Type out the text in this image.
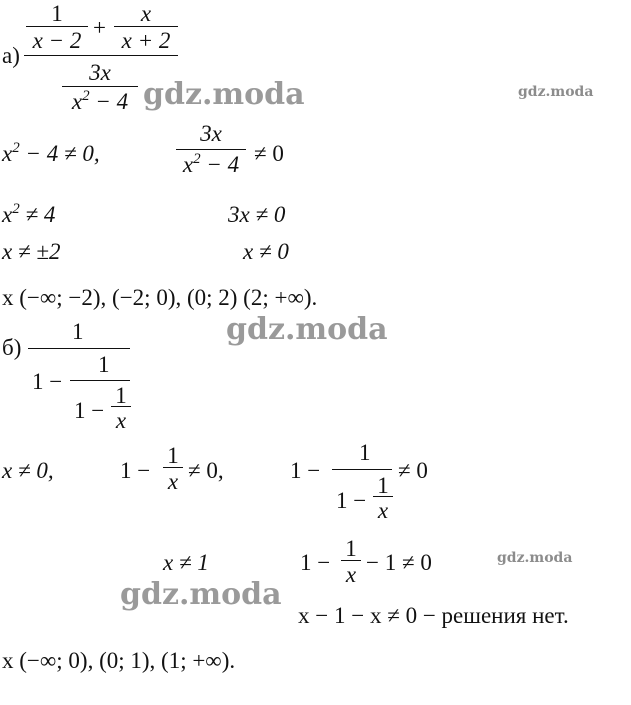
а)
1
x − 2
+
x
x + 2
3x
$x^2 - 4$
$x^2 - 4 \ne 0$,
3x
$x^2 - 4 \ne 0$
$x^2 \ne 4$	3x ≠ 0
x ≠ ±2	x ≠ 0
x (−∞; −2), (−2; 0), (0; 2) (2; +∞).
б)
1
1 −
1
1 −
1
x
x ≠ 0,	1 −
1
x ≠ 0,	1 −
1
1 −
1
x
≠ 0
x ≠ 1	1 −
1
x − 1 ≠ 0
x − 1 − x ≠ 0 − решения нет.
x (−∞; 0), (0; 1), (1; +∞).
gdz.moda	gdz.moda
gdz.moda
gdz.moda
gdz.moda
